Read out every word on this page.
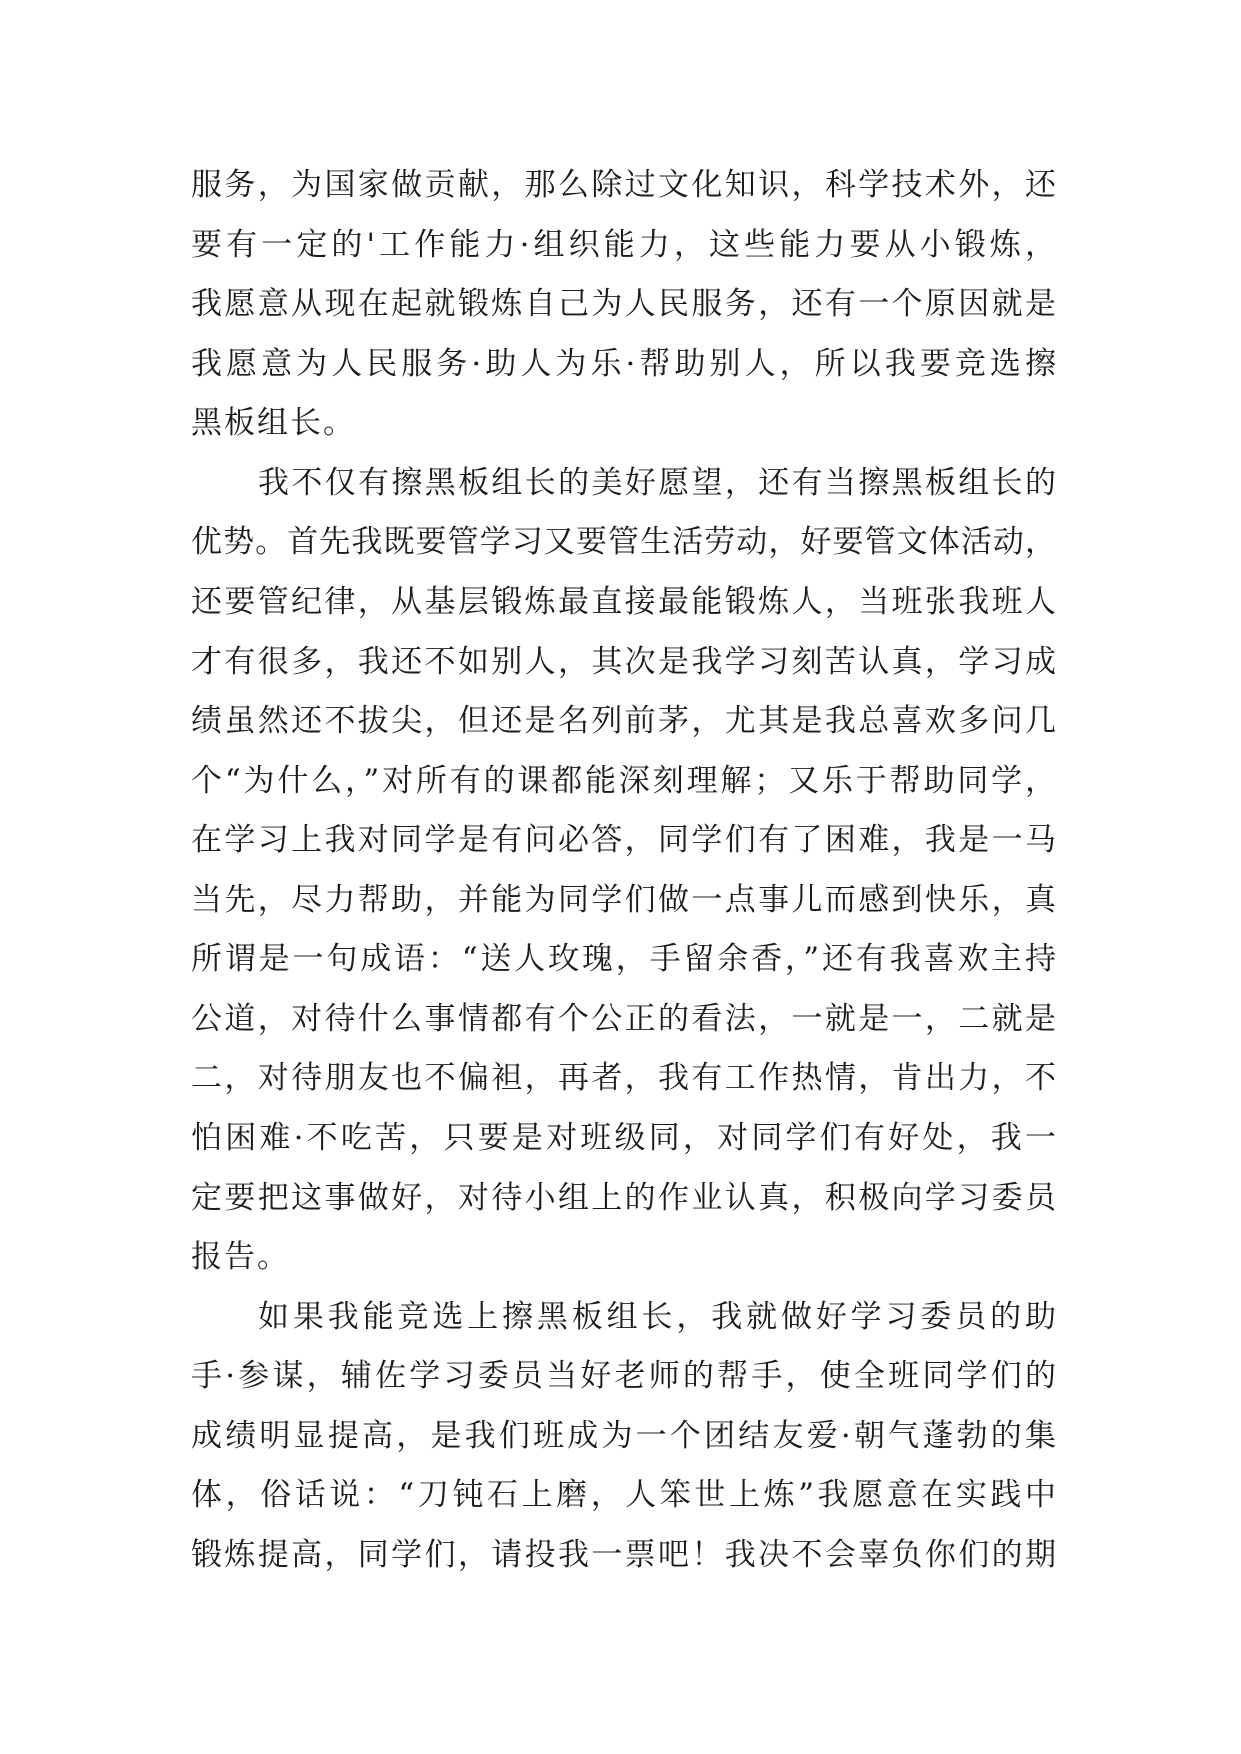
服务，为国家做贡献，那么除过文化知识，科学技术外，还
要有一定的'工作能力·组织能力，这些能力要从小锻炼，
我愿意从现在起就锻炼自己为人民服务，还有一个原因就是
我愿意为人民服务·助人为乐·帮助别人，所以我要竞选擦
黑板组长。
我不仅有擦黑板组长的美好愿望，还有当擦黑板组长的
优势。首先我既要管学习又要管生活劳动，好要管文体活动，
还要管纪律，从基层锻炼最直接最能锻炼人，当班张我班人
才有很多，我还不如别人，其次是我学习刻苦认真，学习成
绩虽然还不拔尖，但还是名列前茅，尤其是我总喜欢多问几
个“为什么，”对所有的课都能深刻理解；又乐于帮助同学，
在学习上我对同学是有问必答，同学们有了困难，我是一马
当先，尽力帮助，并能为同学们做一点事儿而感到快乐，真
所谓是一句成语：“送人玫瑰，手留余香，”还有我喜欢主持
公道，对待什么事情都有个公正的看法，一就是一，二就是
二，对待朋友也不偏袒，再者，我有工作热情，肯出力，不
怕困难·不吃苦，只要是对班级同，对同学们有好处，我一
定要把这事做好，对待小组上的作业认真，积极向学习委员
报告。
如果我能竞选上擦黑板组长，我就做好学习委员的助
手·参谋，辅佐学习委员当好老师的帮手，使全班同学们的
成绩明显提高，是我们班成为一个团结友爱·朝气蓬勃的集
体，俗话说：“刀钝石上磨，人笨世上炼”我愿意在实践中
锻炼提高，同学们，请投我一票吧！我决不会辜负你们的期
